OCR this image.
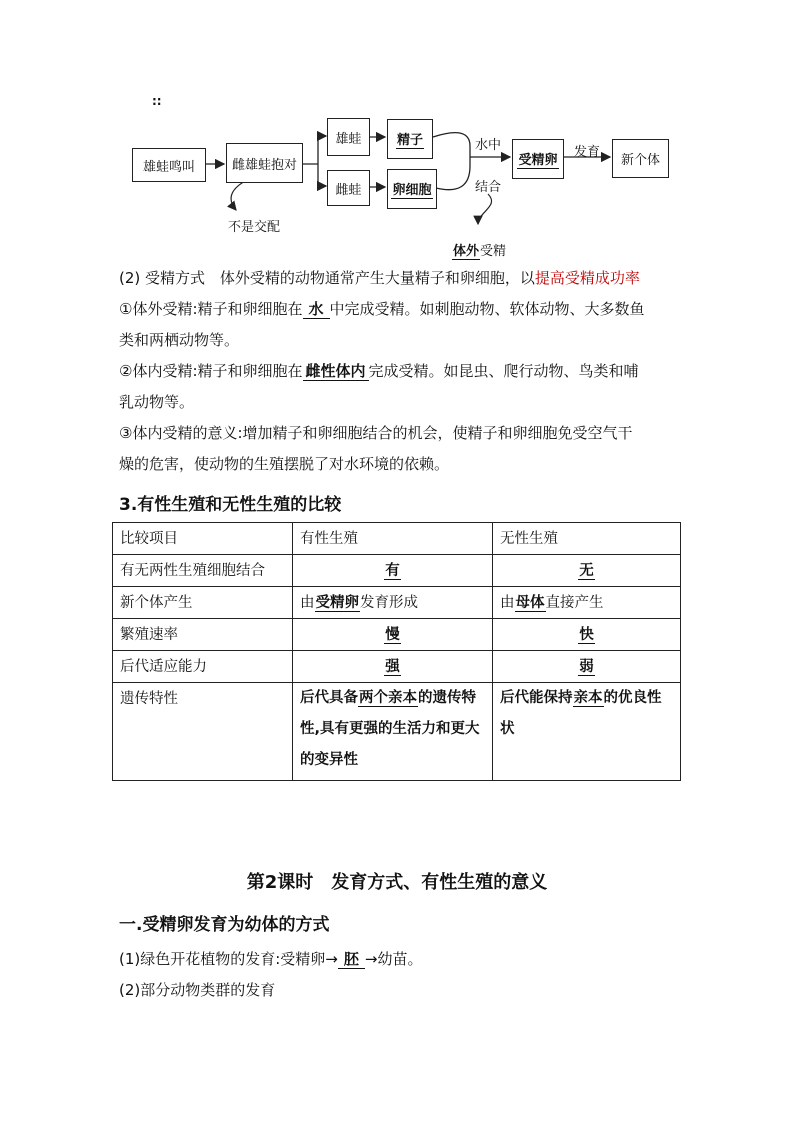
::
雄蛙鸣叫	雌雄蛙抱对
雄蛙	精子
雌蛙 卵细胞
水中
结合
受精卵
发育
新个体
不是交配
体外受精
(2) 受精方式 体外受精的动物通常产生大量精子和卵细胞，以提高受精成功率
①体外受精:精子和卵细胞在 水 中完成受精。如刺胞动物、软体动物、大多数鱼
类和两栖动物等。
②体内受精:精子和卵细胞在 雌性体内 完成受精。如昆虫、爬行动物、鸟类和哺
乳动物等。
③体内受精的意义:增加精子和卵细胞结合的机会，使精子和卵细胞免受空气干
燥的危害，使动物的生殖摆脱了对水环境的依赖。
3.有性生殖和无性生殖的比较
比较项目	有性生殖	无性生殖
有无两性生殖细胞结合	有	无
新个体产生	由受精卵发育形成	由母体直接产生
繁殖速率	慢	快
后代适应能力	强	弱
遗传特性	后代具备两个亲本的遗传特性,具有更强的生活力和更大的变异性	后代能保持亲本的优良性状
第2课时　发育方式、有性生殖的意义
一.受精卵发育为幼体的方式
(1)绿色开花植物的发育:受精卵→ 胚 →幼苗。
(2)部分动物类群的发育
